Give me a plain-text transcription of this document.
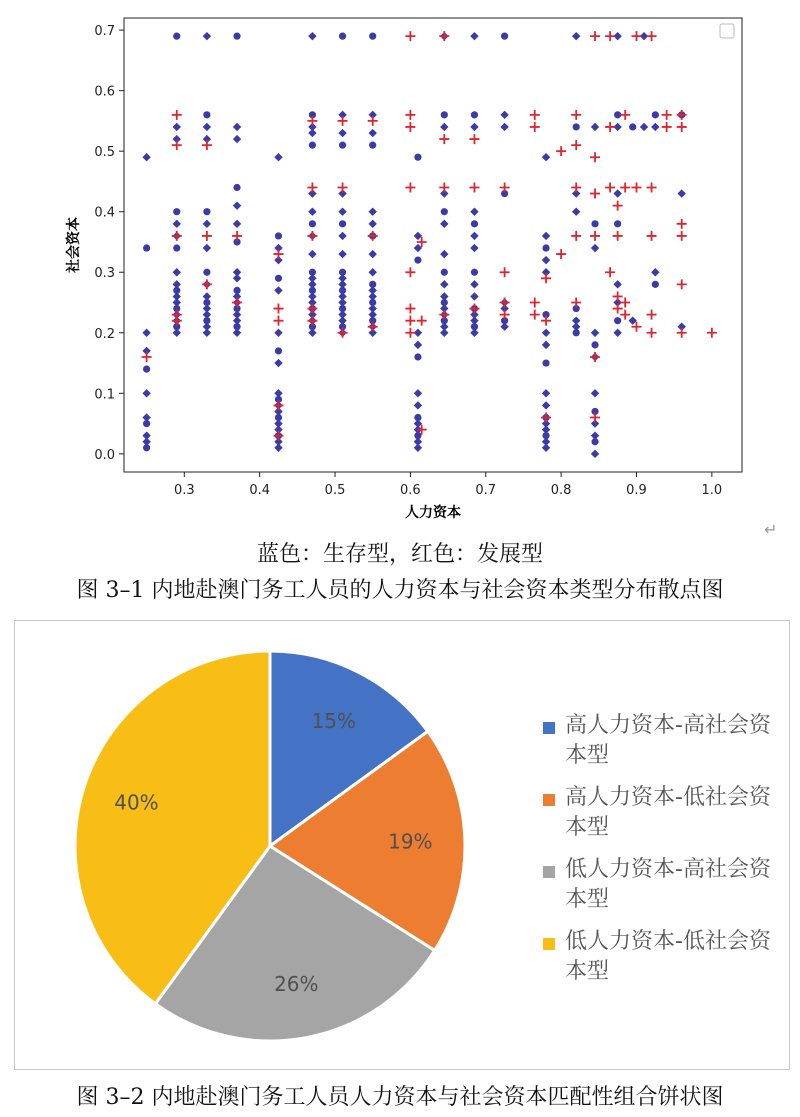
0.3	0.4	0.5	0.6	0.7	0.8	0.9	1.0
0.0
0.1
0.2
0.3
0.4
0.5
0.6
0.7
人力资本
社会资本
↵
蓝色：生存型，红色：发展型
图 3–1 内地赴澳门务工人员的人力资本与社会资本类型分布散点图
15%
19%
26%
40%
高人力资本-高社会资本型
高人力资本-低社会资本型
低人力资本-高社会资本型
低人力资本-低社会资本型
图 3–2 内地赴澳门务工人员人力资本与社会资本匹配性组合饼状图
